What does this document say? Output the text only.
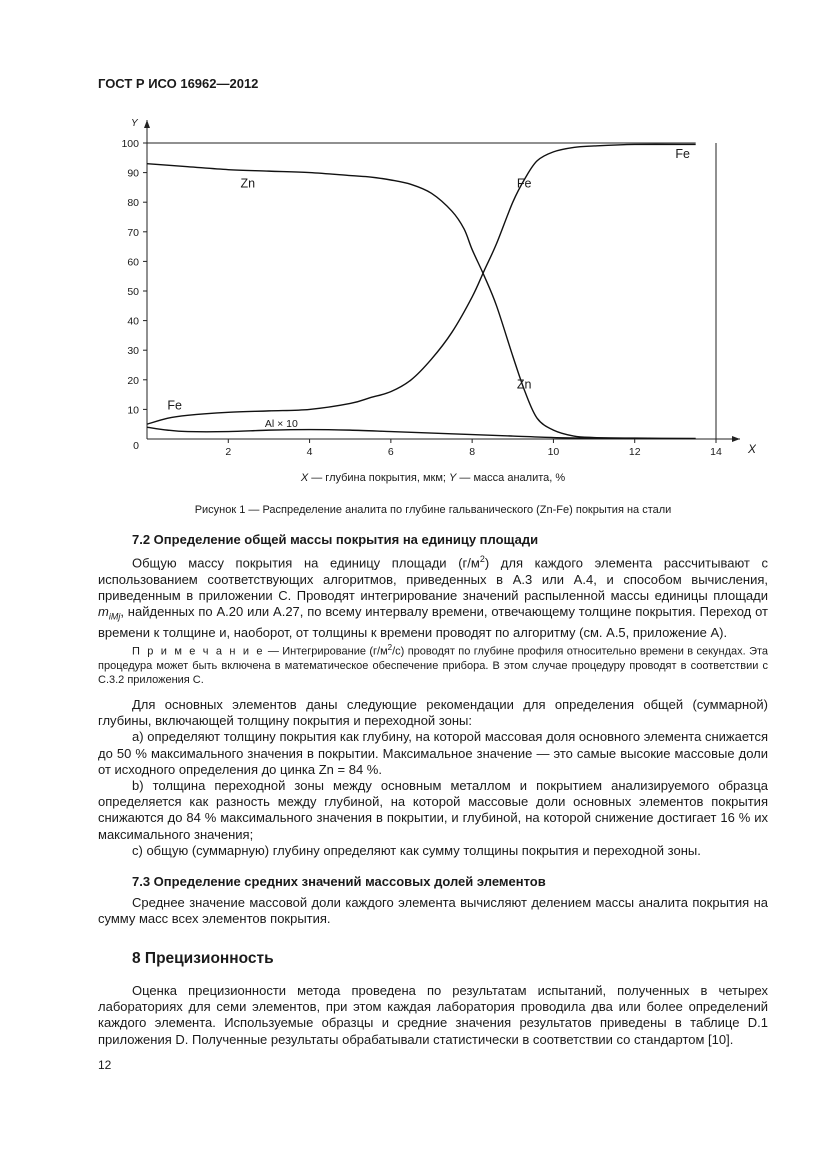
ГОСТ Р ИСО 16962—2012
X
Y
0
10
20
30
40
50
60
70
80
90
100
2	4	6	8	10	12	14
Zn	Fe
Fe
Zn
Fe
Al × 10
X — глубина покрытия, мкм; Y — масса аналита, %
Рисунок 1 — Распределение аналита по глубине гальванического (Zn-Fe) покрытия на стали
7.2 Определение общей массы покрытия на единицу площади

Общую массу покрытия на единицу площади $(г/м^2)$ для каждого элемента рассчитывают с использованием соответствующих алгоритмов, приведенных в А.3 или А.4, и способом вычисления, приведенным в приложении С. Проводят интегрирование значений распыленной массы единицы площади $m_{iMj}$, найденных по А.20 или А.27, по всему интервалу времени, отвечающему толщине покрытия. Переход от времени к толщине и, наоборот, от толщины к времени проводят по алгоритму (см. А.5, приложение А).

П р и м е ч а н и е — Интегрирование $(г/м^2/с)$ проводят по глубине профиля относительно времени в секундах. Эта процедура может быть включена в математическое обеспечение прибора. В этом случае процедуру проводят в соответствии с С.3.2 приложения С.

Для основных элементов даны следующие рекомендации для определения общей (суммарной) глубины, включающей толщину покрытия и переходной зоны:

а) определяют толщину покрытия как глубину, на которой массовая доля основного элемента снижается до 50 % максимального значения в покрытии. Максимальное значение — это самые высокие массовые доли от исходного определения до цинка Zn = 84 %.

b) толщина переходной зоны между основным металлом и покрытием анализируемого образца определяется как разность между глубиной, на которой массовые доли основных элементов покрытия снижаются до 84 % максимального значения в покрытии, и глубиной, на которой снижение достигает 16 % их максимального значения;

с) общую (суммарную) глубину определяют как сумму толщины покрытия и переходной зоны.

7.3 Определение средних значений массовых долей элементов

Среднее значение массовой доли каждого элемента вычисляют делением массы аналита покрытия на сумму масс всех элементов покрытия.

8 Прецизионность

Оценка прецизионности метода проведена по результатам испытаний, полученных в четырех лабораториях для семи элементов, при этом каждая лаборатория проводила два или более определений каждого элемента. Используемые образцы и средние значения результатов приведены в таблице D.1 приложения D. Полученные результаты обрабатывали статистически в соответствии со стандартом [10].

12
